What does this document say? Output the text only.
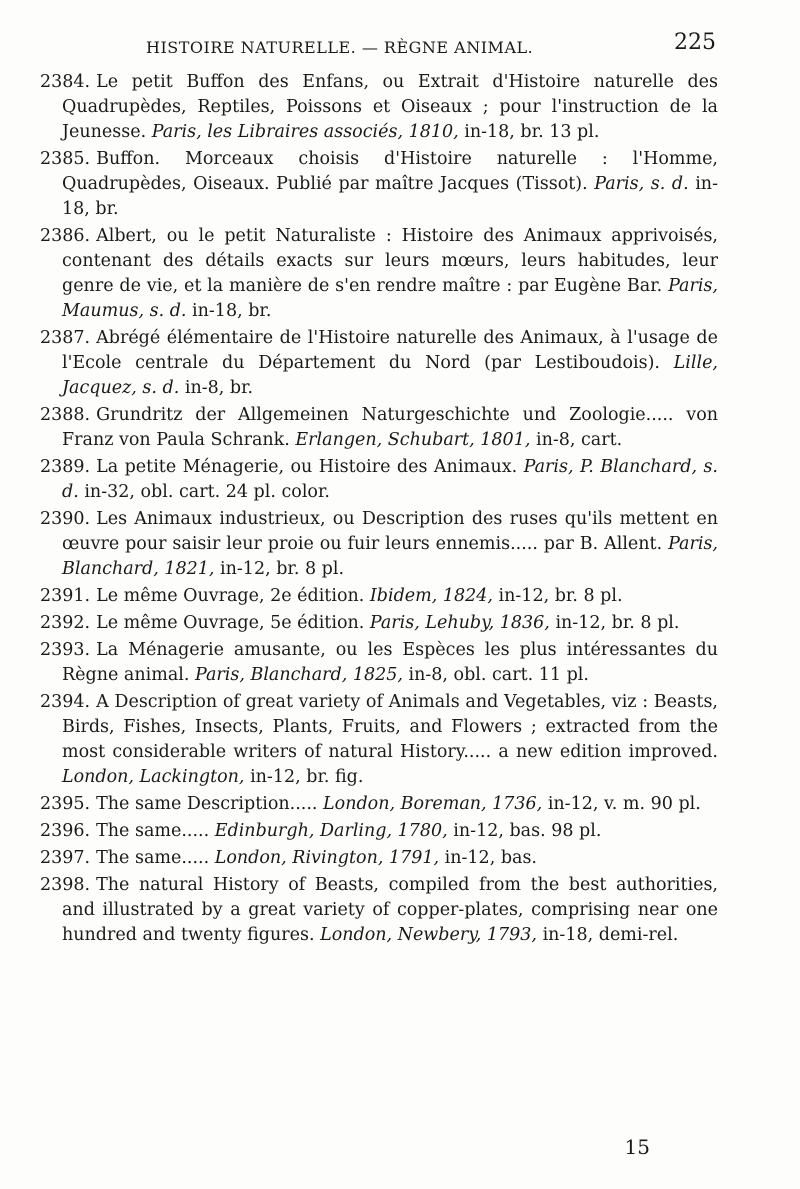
HISTOIRE NATURELLE. — RÈGNE ANIMAL.	225

2384. Le petit Buffon des Enfans, ou Extrait d'Histoire naturelle des Quadrupèdes, Reptiles, Poissons et Oiseaux ; pour l'instruction de la Jeunesse. Paris, les Libraires associés, 1810, in-18, br. 13 pl.

2385. Buffon. Morceaux choisis d'Histoire naturelle : l'Homme, Quadrupèdes, Oiseaux. Publié par maître Jacques (Tissot). Paris, s. d. in-18, br.

2386. Albert, ou le petit Naturaliste : Histoire des Animaux apprivoisés, contenant des détails exacts sur leurs mœurs, leurs habitudes, leur genre de vie, et la manière de s'en rendre maître : par Eugène Bar. Paris, Maumus, s. d. in-18, br.

2387. Abrégé élémentaire de l'Histoire naturelle des Animaux, à l'usage de l'Ecole centrale du Département du Nord (par Lestiboudois). Lille, Jacquez, s. d. in-8, br.

2388. Grundritz der Allgemeinen Naturgeschichte und Zoologie..... von Franz von Paula Schrank. Erlangen, Schubart, 1801, in-8, cart.

2389. La petite Ménagerie, ou Histoire des Animaux. Paris, P. Blanchard, s. d. in-32, obl. cart. 24 pl. color.

2390. Les Animaux industrieux, ou Description des ruses qu'ils mettent en œuvre pour saisir leur proie ou fuir leurs ennemis..... par B. Allent. Paris, Blanchard, 1821, in-12, br. 8 pl.

2391. Le même Ouvrage, 2e édition. Ibidem, 1824, in-12, br. 8 pl.

2392. Le même Ouvrage, 5e édition. Paris, Lehuby, 1836, in-12, br. 8 pl.

2393. La Ménagerie amusante, ou les Espèces les plus intéressantes du Règne animal. Paris, Blanchard, 1825, in-8, obl. cart. 11 pl.

2394. A Description of great variety of Animals and Vegetables, viz : Beasts, Birds, Fishes, Insects, Plants, Fruits, and Flowers ; extracted from the most considerable writers of natural History..... a new edition improved. London, Lackington, in-12, br. fig.

2395. The same Description..... London, Boreman, 1736, in-12, v. m. 90 pl.

2396. The same..... Edinburgh, Darling, 1780, in-12, bas. 98 pl.

2397. The same..... London, Rivington, 1791, in-12, bas.

2398. The natural History of Beasts, compiled from the best authorities, and illustrated by a great variety of copper-plates, comprising near one hundred and twenty figures. London, Newbery, 1793, in-18, demi-rel.

15
